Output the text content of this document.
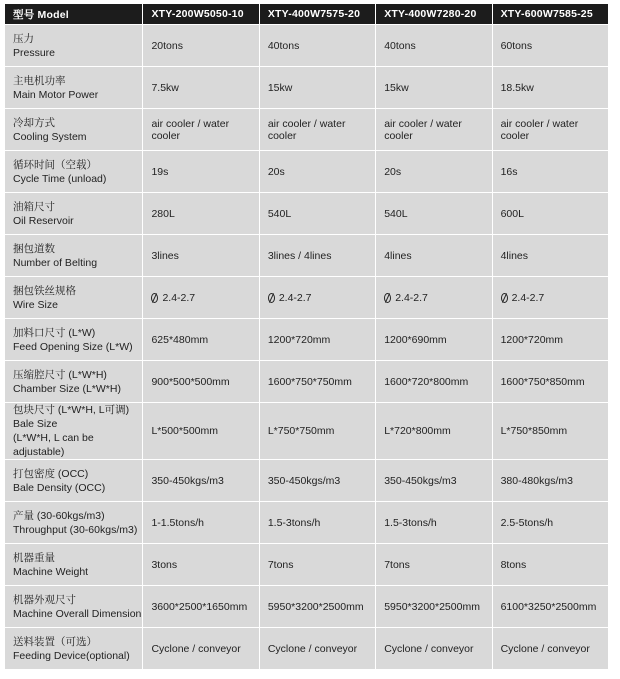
型号 Model	XTY-200W5050-10	XTY-400W7575-20	XTY-400W7280-20	XTY-600W7585-25

压力
Pressure	20tons	40tons	40tons	60tons

主电机功率
Main Motor Power	7.5kw	15kw	15kw	18.5kw

冷却方式
Cooling System	air cooler / water cooler	air cooler / water cooler	air cooler / water cooler	air cooler / water cooler

循环时间（空载）
Cycle Time (unload)	19s	20s	20s	16s

油箱尺寸
Oil Reservoir	280L	540L	540L	600L

捆包道数
Number of Belting	3lines	3lines / 4lines	4lines	4lines

捆包铁丝规格
Wire Size	2.4-2.7	2.4-2.7	2.4-2.7	2.4-2.7

加料口尺寸 (L*W)
Feed Opening Size (L*W)	625*480mm	1200*720mm	1200*690mm	1200*720mm

压缩腔尺寸 (L*W*H)
Chamber Size (L*W*H)	900*500*500mm	1600*750*750mm	1600*720*800mm	1600*750*850mm

包块尺寸 (L*W*H, L可调)
Bale Size
(L*W*H, L can be adjustable)	L*500*500mm	L*750*750mm	L*720*800mm	L*750*850mm

打包密度 (OCC)
Bale Density (OCC)	350-450kgs/m3	350-450kgs/m3	350-450kgs/m3	380-480kgs/m3

产量 (30-60kgs/m3)
Throughput (30-60kgs/m3)	1-1.5tons/h	1.5-3tons/h	1.5-3tons/h	2.5-5tons/h

机器重量
Machine Weight	3tons	7tons	7tons	8tons

机器外观尺寸
Machine Overall Dimension	3600*2500*1650mm	5950*3200*2500mm	5950*3200*2500mm	6100*3250*2500mm

送料装置（可选）
Feeding Device(optional)	Cyclone / conveyor	Cyclone / conveyor	Cyclone / conveyor	Cyclone / conveyor
